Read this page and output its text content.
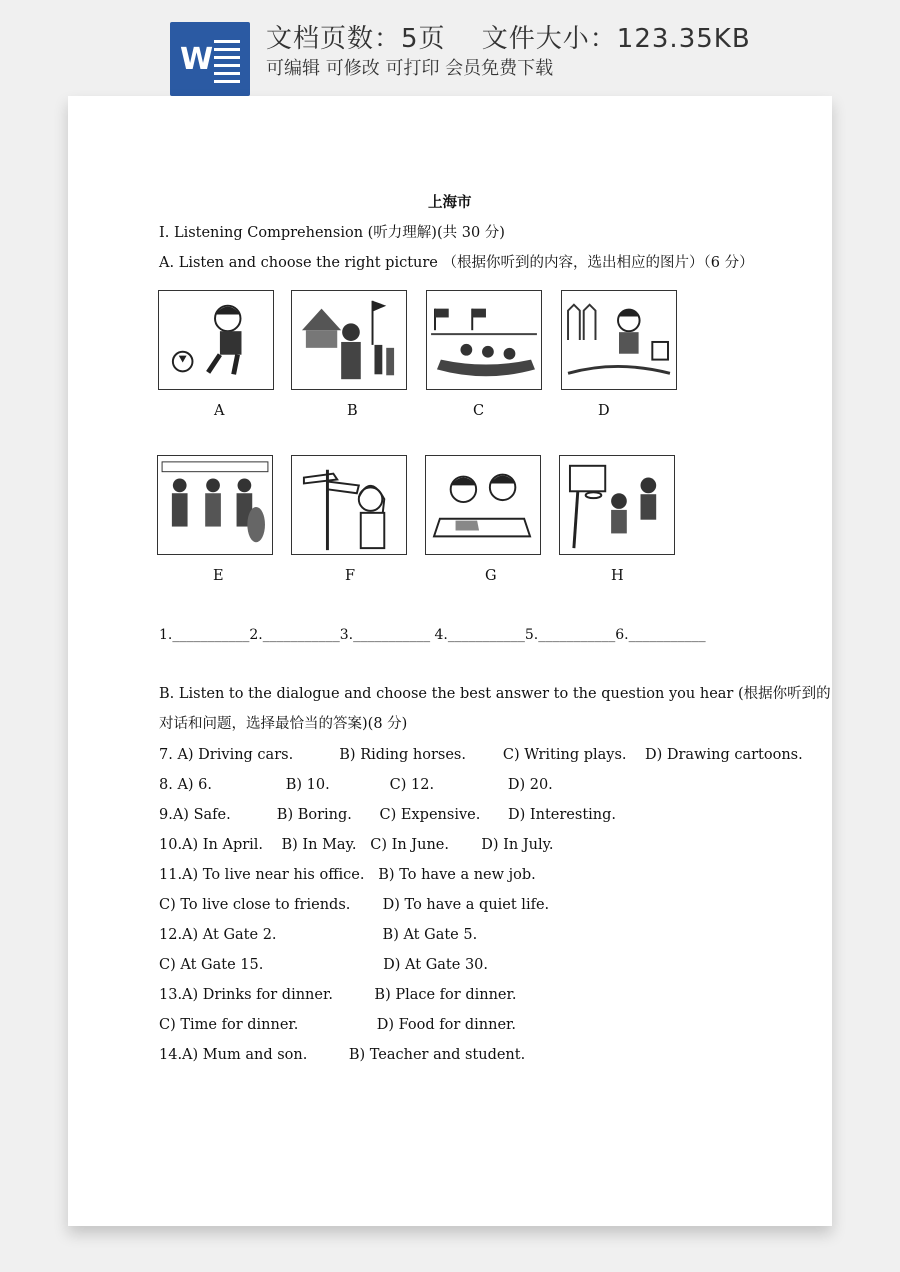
W
文档页数：5页　 文件大小：123.35KB
可编辑 可修改 可打印 会员免费下载
上海市
I. Listening Comprehension (听力理解)(共 30 分)
A. Listen and choose the right picture （根据你听到的内容，选出相应的图片）（6 分）
A	B	C	D
E	F	G	H
1.___________2.___________3.___________ 4.___________5.___________6.___________
B. Listen to the dialogue and choose the best answer to the question you hear (根据你听到的
对话和问题，选择最恰当的答案)(8 分)
7. A) Driving cars.          B) Riding horses.        C) Writing plays.    D) Drawing cartoons.
8. A) 6.                B) 10.             C) 12.                D) 20.
9.A) Safe.          B) Boring.      C) Expensive.      D) Interesting.
10.A) In April.    B) In May.   C) In June.       D) In July.
11.A) To live near his office.   B) To have a new job.
C) To live close to friends.       D) To have a quiet life.
12.A) At Gate 2.                       B) At Gate 5.
C) At Gate 15.                          D) At Gate 30.
13.A) Drinks for dinner.         B) Place for dinner.
C) Time for dinner.                 D) Food for dinner.
14.A) Mum and son.         B) Teacher and student.
